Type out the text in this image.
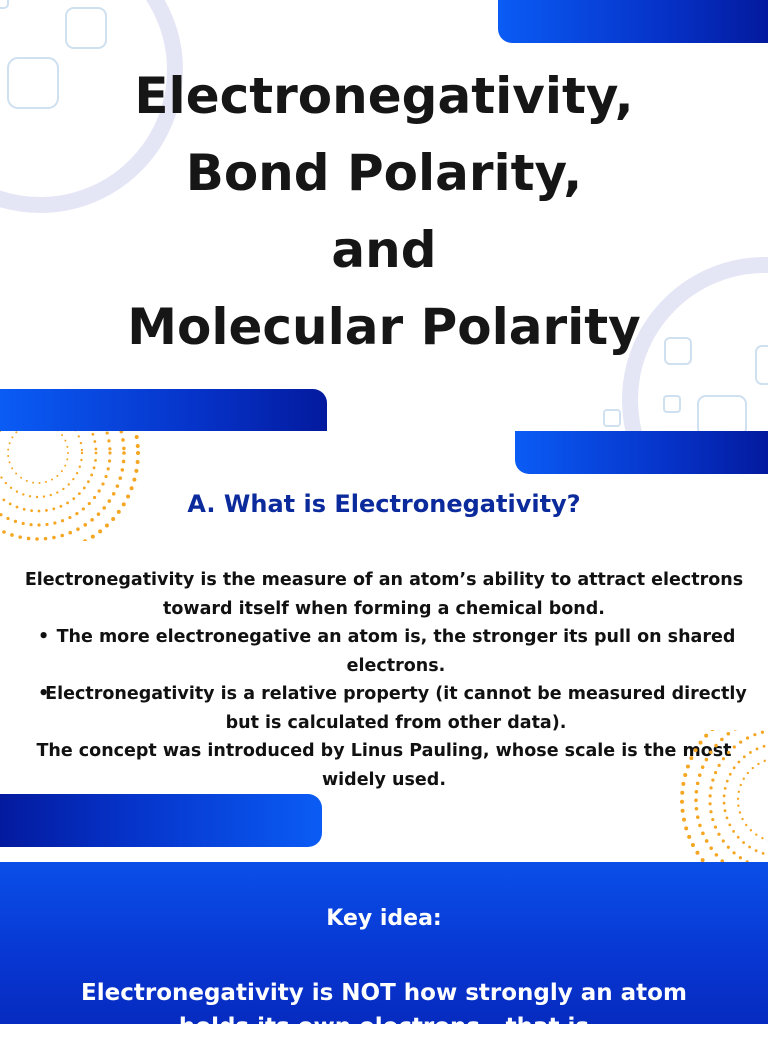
Electronegativity,
Bond Polarity,
and
Molecular Polarity
A. What is Electronegativity?

Electronegativity is the measure of an atom’s ability to attract electrons toward itself when forming a chemical bond.

• The more electronegative an atom is, the stronger its pull on shared electrons.
• Electronegativity is a relative property (it cannot be measured directly but is calculated from other data).

The concept was introduced by Linus Pauling, whose scale is the most widely used.

Key idea:
Electronegativity is NOT how strongly an atom holds its own electrons - that is
